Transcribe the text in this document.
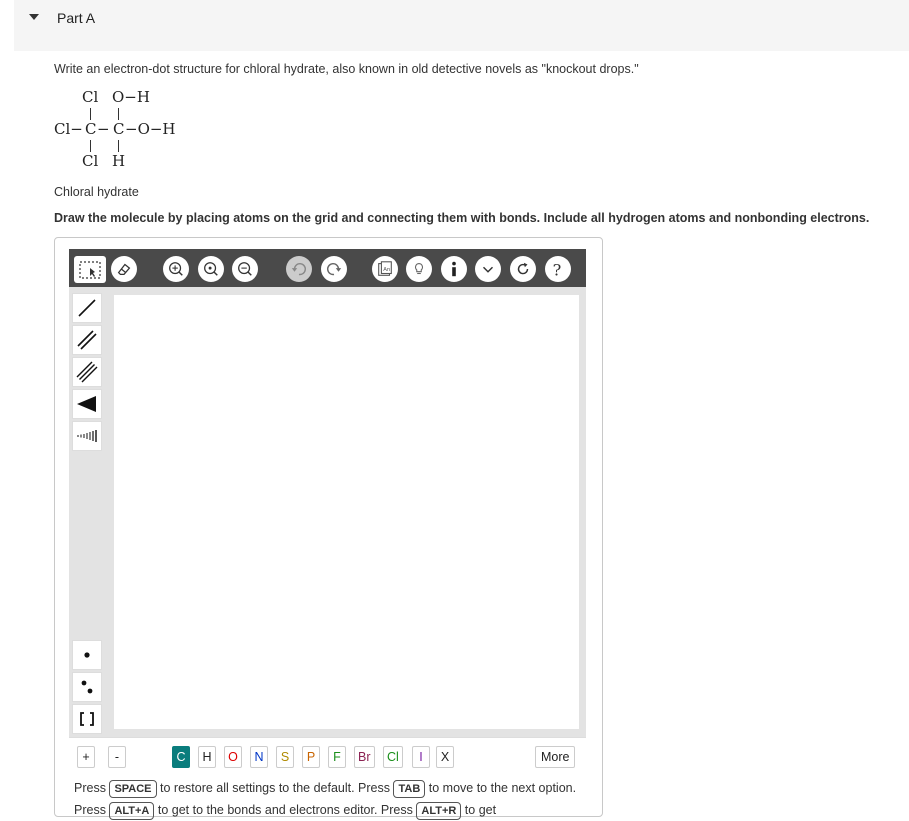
Part A
Write an electron-dot structure for chloral hydrate, also known in old detective novels as "knockout drops."
Cl O−H
Cl− C − C −O−H
Cl H
Chloral hydrate
Draw the molecule by placing atoms on the grid and connecting them with bonds. Include all hydrogen atoms and nonbonding electrons.
An	?
+	-	C	H	O	N	S	P	F	Br	Cl	I	X	More
Press SPACE to restore all settings to the default. Press TAB to move to the next option. Press ALT+A to get to the bonds and electrons editor. Press ALT+R to get
